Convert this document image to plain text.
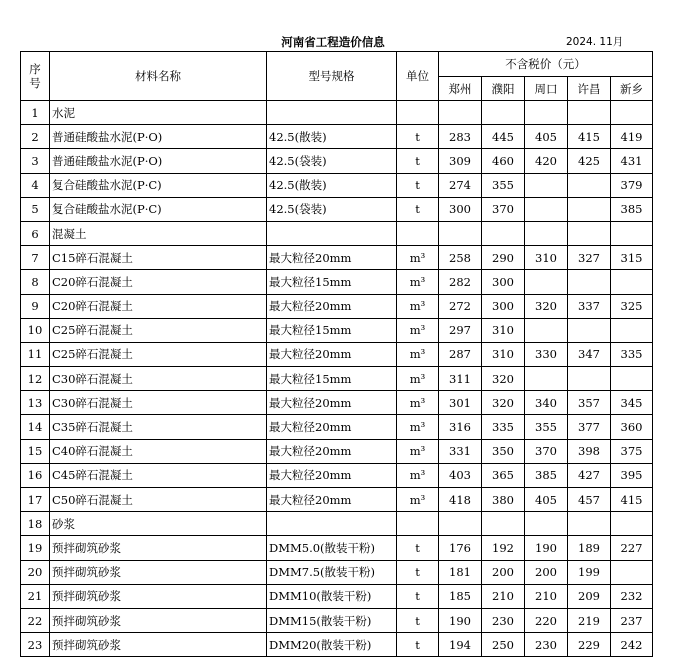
河南省工程造价信息	2024. 11月
序号	材料名称	型号规格	单位	不含税价（元）				
				郑州	濮阳	周口	许昌	新乡
1	水泥							
2	普通硅酸盐水泥(P·O)	42.5(散装)	t	283	445	405	415	419
3	普通硅酸盐水泥(P·O)	42.5(袋装)	t	309	460	420	425	431
4	复合硅酸盐水泥(P·C)	42.5(散装)	t	274	355			379
5	复合硅酸盐水泥(P·C)	42.5(袋装)	t	300	370			385
6	混凝土							
7	C15碎石混凝土	最大粒径20mm	m³	258	290	310	327	315
8	C20碎石混凝土	最大粒径15mm	m³	282	300			
9	C20碎石混凝土	最大粒径20mm	m³	272	300	320	337	325
10	C25碎石混凝土	最大粒径15mm	m³	297	310			
11	C25碎石混凝土	最大粒径20mm	m³	287	310	330	347	335
12	C30碎石混凝土	最大粒径15mm	m³	311	320			
13	C30碎石混凝土	最大粒径20mm	m³	301	320	340	357	345
14	C35碎石混凝土	最大粒径20mm	m³	316	335	355	377	360
15	C40碎石混凝土	最大粒径20mm	m³	331	350	370	398	375
16	C45碎石混凝土	最大粒径20mm	m³	403	365	385	427	395
17	C50碎石混凝土	最大粒径20mm	m³	418	380	405	457	415
18	砂浆							
19	预拌砌筑砂浆	DMM5.0(散装干粉)	t	176	192	190	189	227
20	预拌砌筑砂浆	DMM7.5(散装干粉)	t	181	200	200	199	
21	预拌砌筑砂浆	DMM10(散装干粉)	t	185	210	210	209	232
22	预拌砌筑砂浆	DMM15(散装干粉)	t	190	230	220	219	237
23	预拌砌筑砂浆	DMM20(散装干粉)	t	194	250	230	229	242
